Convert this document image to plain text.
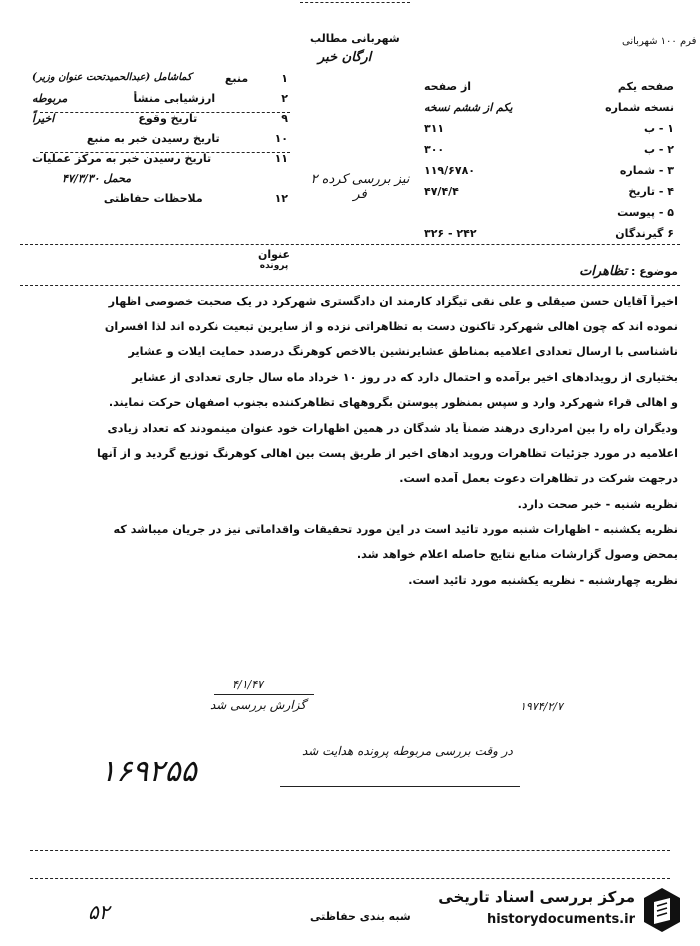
شهربانی مطالب
ارگان خبر
فرم ۱۰۰ شهربانی
۱
منبع
کماشامل (عبدالحمیدتحت عنوان وزیر)
۲
ارزشیابی منشأ
مربوطه
۹
تاریخ وقوع
اخیراً
۱۰
تاریخ رسیدن خبر به منبع
۱۱
تاریخ رسیدن خبر به مرکز عملیات
محمل ۴۷/۳/۳۰
۱۲
ملاحظات حفاظتی
صفحه یکم
از صفحه
نسخه شماره
یکم از ششم نسخه
۱ - ب
۳۱۱
۲ - ب
۳۰۰
۳ - شماره
۱۱۹/۶۷۸۰
۴ - تاریخ
۴۷/۴/۴
۵ - پیوست
۶ گیرندگان
۲۴۲ - ۳۲۶
نیز بررسی کرده ۲ فر
عنوان
پرونده	موضوع : تظاهرات
اخیراً آقایان حسن صیقلی و علی نقی تیگزاد کارمند ان دادگستری شهرکرد در یک صحبت خصوصی اظهار
نموده اند که چون اهالی شهرکرد تاکنون دست به تظاهراتی نزده و از سایرین تبعیت نکرده اند لذا افسران
ناشناسی با ارسال تعدادی اعلامیه بمناطق عشایرنشین بالاخص کوهرنگ درصدد حمایت ایلات و عشایر
بختیاری از رویدادهای اخیر برآمده و احتمال دارد که در روز ۱۰ خرداد ماه سال جاری تعدادی از عشایر
و اهالی قراء شهرکرد وارد و سپس بمنظور پیوستن بگروههای تظاهرکننده بجنوب اصفهان حرکت نمایند.
ودیگران راه را بین امرداری درهند ضمناً یاد شدگان در همین اظهارات خود عنوان مینمودند که تعداد زیادی
اعلامیه در مورد جزئیات تظاهرات وروید ادهای اخیر از طریق پست بین اهالی کوهرنگ توزیع گردید و از آنها
درجهت شرکت در تظاهرات دعوت بعمل آمده است.
نظریه شنبه - خبر صحت دارد.
نظریه یکشنبه - اظهارات شنبه مورد تائید است در این مورد تحقیقات واقداماتی نیز در جریان میباشد که
بمحض وصول گزارشات منابع نتایج حاصله اعلام خواهد شد.
نظریه چهارشنبه - نظریه یکشنبه مورد تائید است.
۴/۱/۴۷
گزارش بررسی شد	۱۹۷۴/۲/۷
در وقت بررسی مربوطه پرونده هدایت شد
۱۶۹۲۵۵
شبه بندی حفاظتی
۵۲
مرکز بررسی اسناد تاریخی
historydocuments.ir
